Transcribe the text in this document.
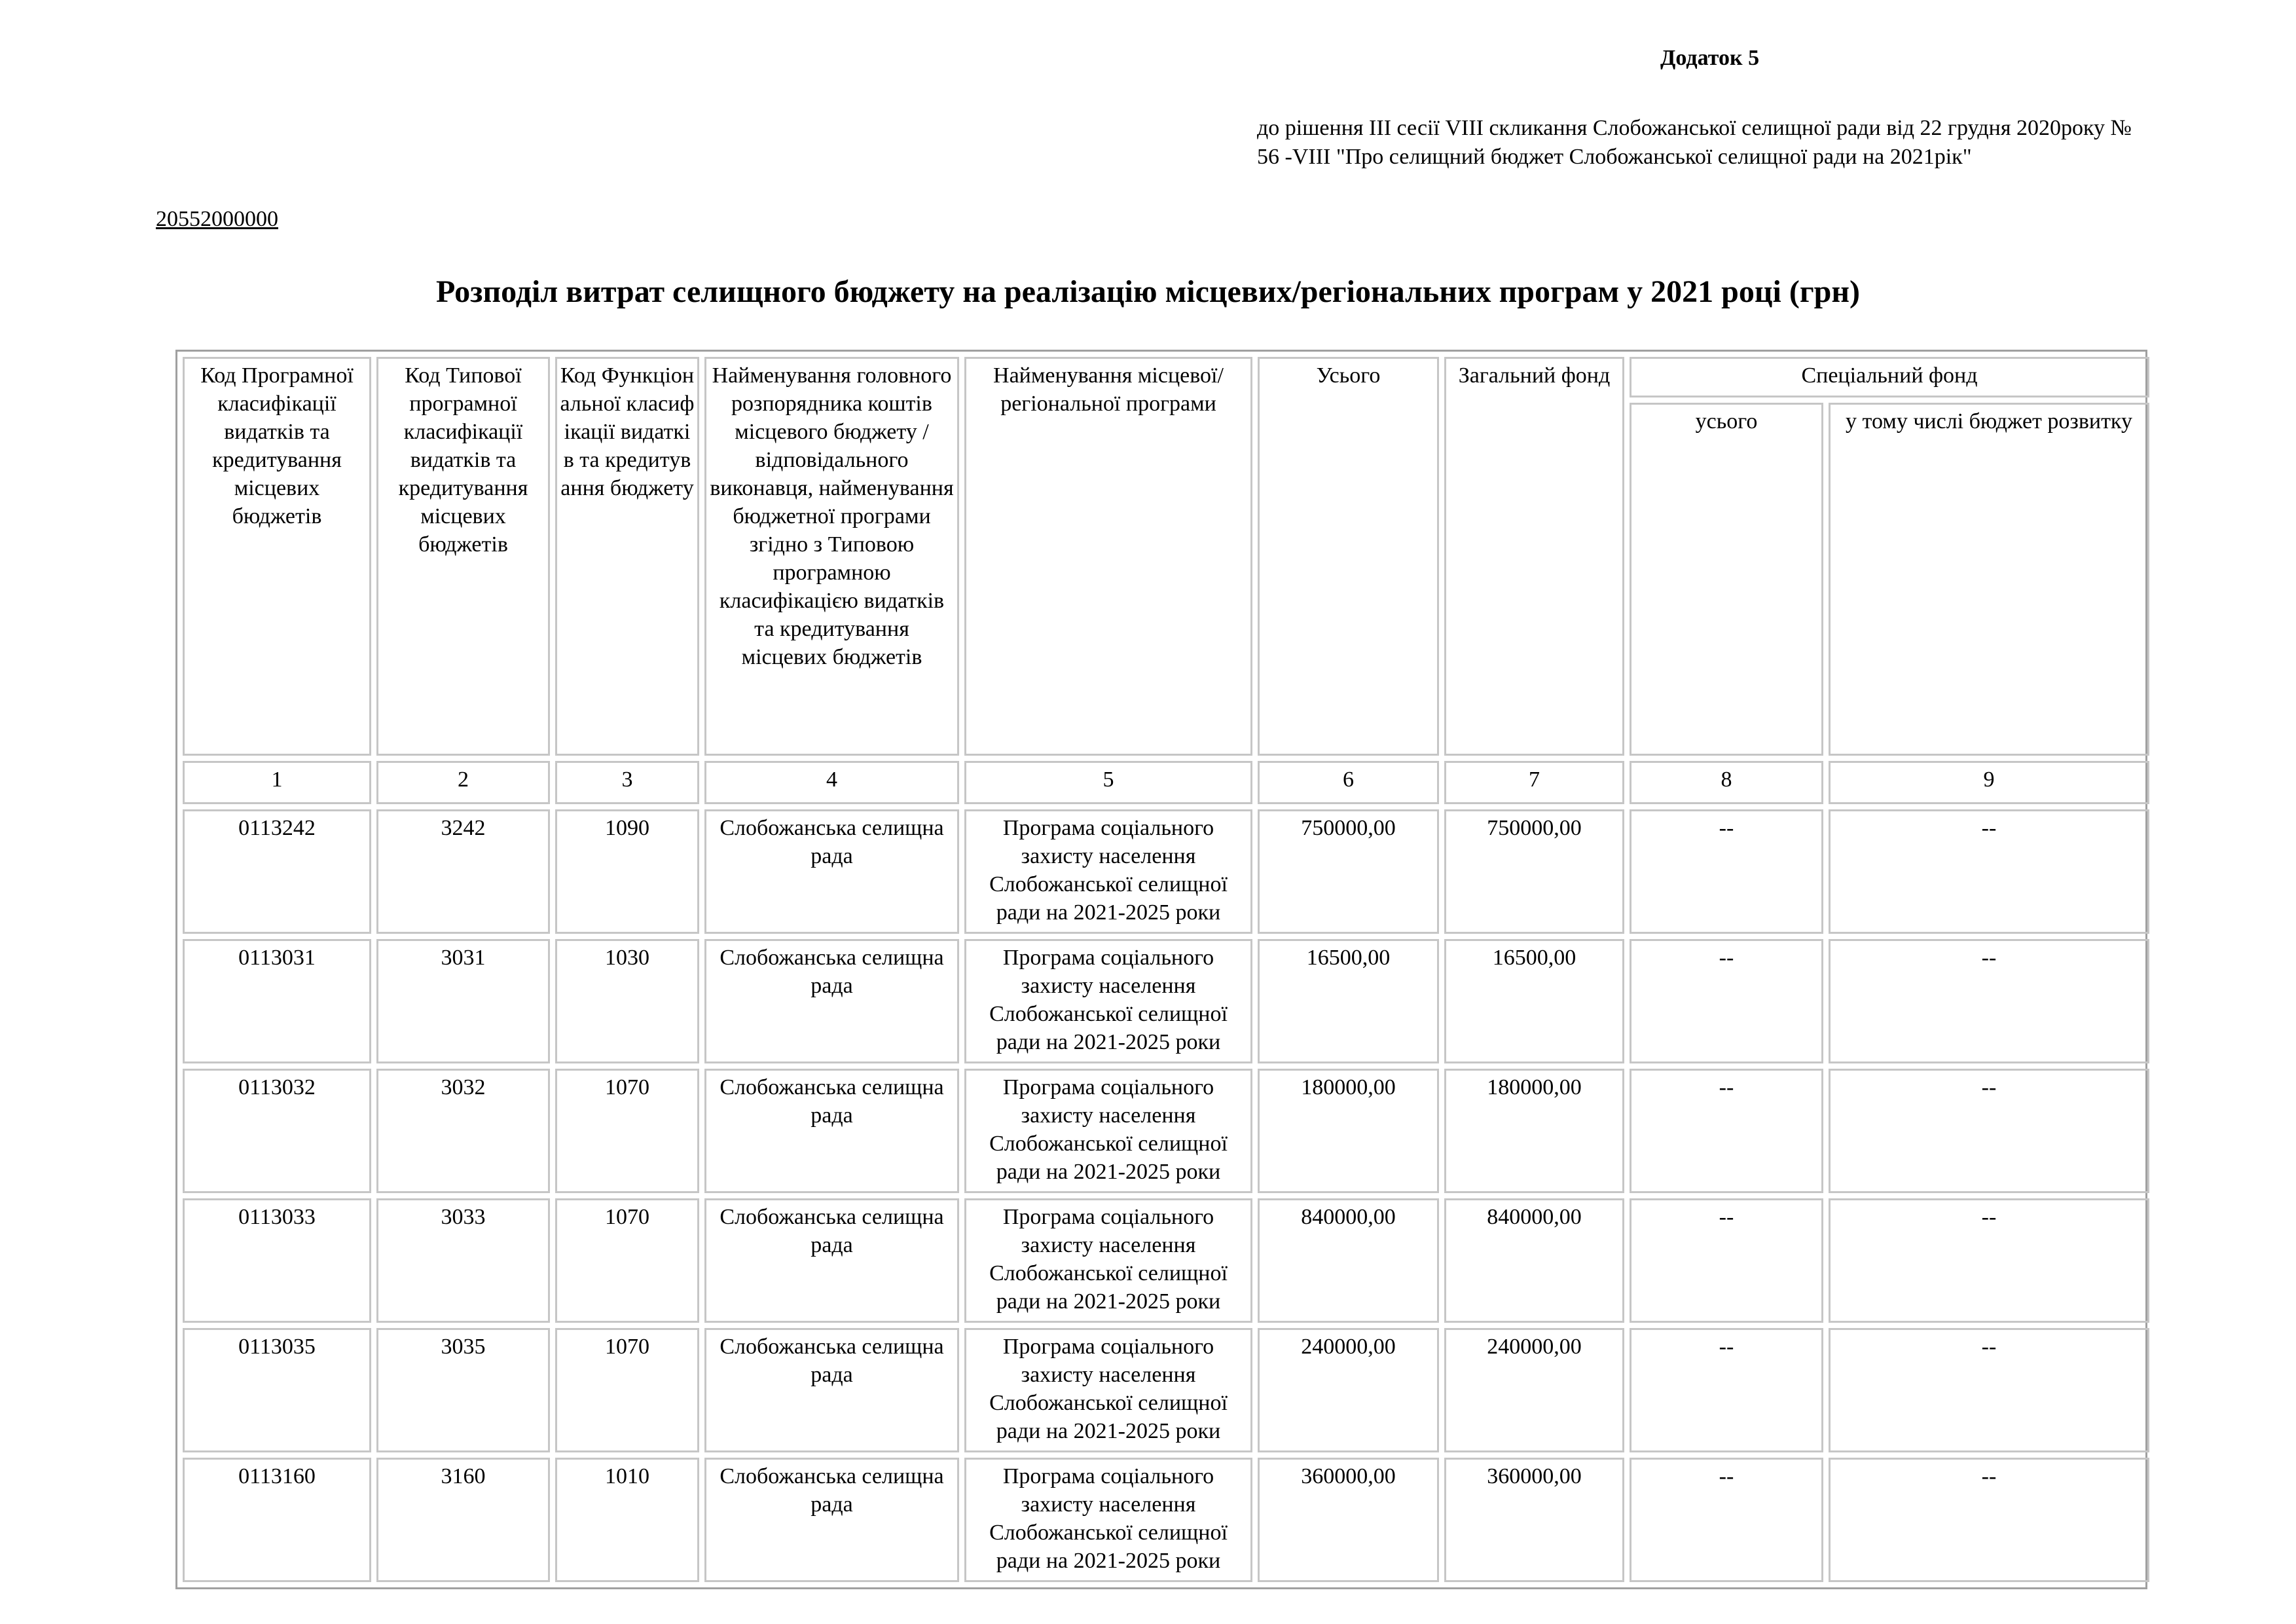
Додаток 5
до рішення ІІІ сесії VІІІ скликання Слобожанської селищної ради від 22 грудня 2020року № 56 -VІІІ "Про селищний бюджет Слобожанської селищної ради на 2021рік"
20552000000
Розподіл витрат селищного бюджету на реалізацію місцевих/регіональних програм у 2021 році (грн)
Код Програмної класифікації видатків та кредитування місцевих бюджетів	Код Типової програмної класифікації видатків та кредитування місцевих бюджетів	Код Функціональної класифікації видатків та кредитування бюджету	Найменування головного розпорядника коштів місцевого бюджету / відповідального виконавця, найменування бюджетної програми згідно з Типовою програмною класифікацією видатків та кредитування місцевих бюджетів	Найменування місцевої/регіональної програми	Усього	Загальний фонд	Спеціальний фонд	
							усього	у тому числі бюджет розвитку
1	2	3	4	5	6	7	8	9
0113242	3242	1090	Слобожанська селищна рада	Програма соціального захисту населення Слобожанської селищної ради на 2021-2025 роки	750000,00	750000,00	--	--
0113031	3031	1030	Слобожанська селищна рада	Програма соціального захисту населення Слобожанської селищної ради на 2021-2025 роки	16500,00	16500,00	--	--
0113032	3032	1070	Слобожанська селищна рада	Програма соціального захисту населення Слобожанської селищної ради на 2021-2025 роки	180000,00	180000,00	--	--
0113033	3033	1070	Слобожанська селищна рада	Програма соціального захисту населення Слобожанської селищної ради на 2021-2025 роки	840000,00	840000,00	--	--
0113035	3035	1070	Слобожанська селищна рада	Програма соціального захисту населення Слобожанської селищної ради на 2021-2025 роки	240000,00	240000,00	--	--
0113160	3160	1010	Слобожанська селищна рада	Програма соціального захисту населення Слобожанської селищної ради на 2021-2025 роки	360000,00	360000,00	--	--
